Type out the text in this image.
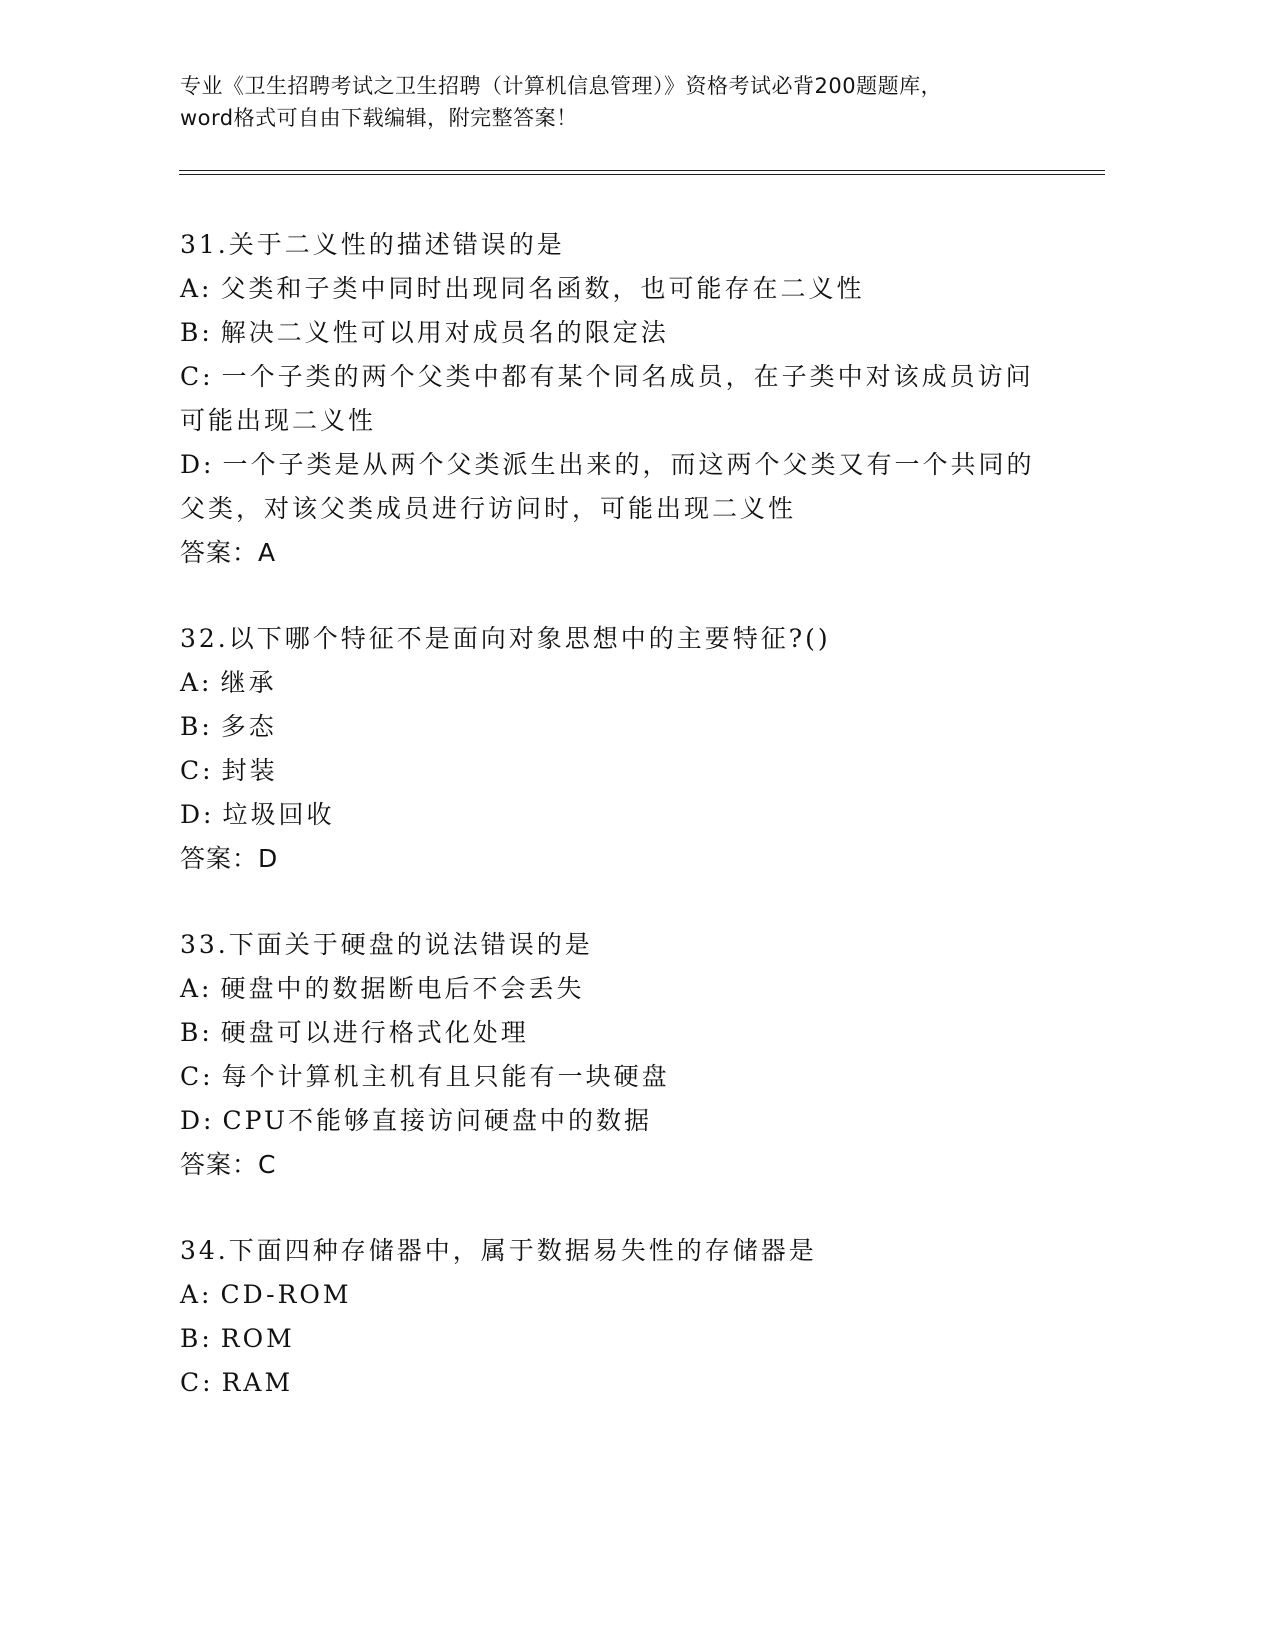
专业《卫生招聘考试之卫生招聘（计算机信息管理）》资格考试必背200题题库，

word格式可自由下载编辑，附完整答案！

31.关于二义性的描述错误的是

A: 父类和子类中同时出现同名函数，也可能存在二义性

B: 解决二义性可以用对成员名的限定法

C: 一个子类的两个父类中都有某个同名成员，在子类中对该成员访问可能出现二义性

D: 一个子类是从两个父类派生出来的，而这两个父类又有一个共同的父类，对该父类成员进行访问时，可能出现二义性

答案：A

32.以下哪个特征不是面向对象思想中的主要特征?()

A: 继承

B: 多态

C: 封装

D: 垃圾回收

答案：D

33.下面关于硬盘的说法错误的是

A: 硬盘中的数据断电后不会丢失

B: 硬盘可以进行格式化处理

C: 每个计算机主机有且只能有一块硬盘

D: CPU不能够直接访问硬盘中的数据

答案：C

34.下面四种存储器中，属于数据易失性的存储器是

A: CD-ROM

B: ROM

C: RAM
